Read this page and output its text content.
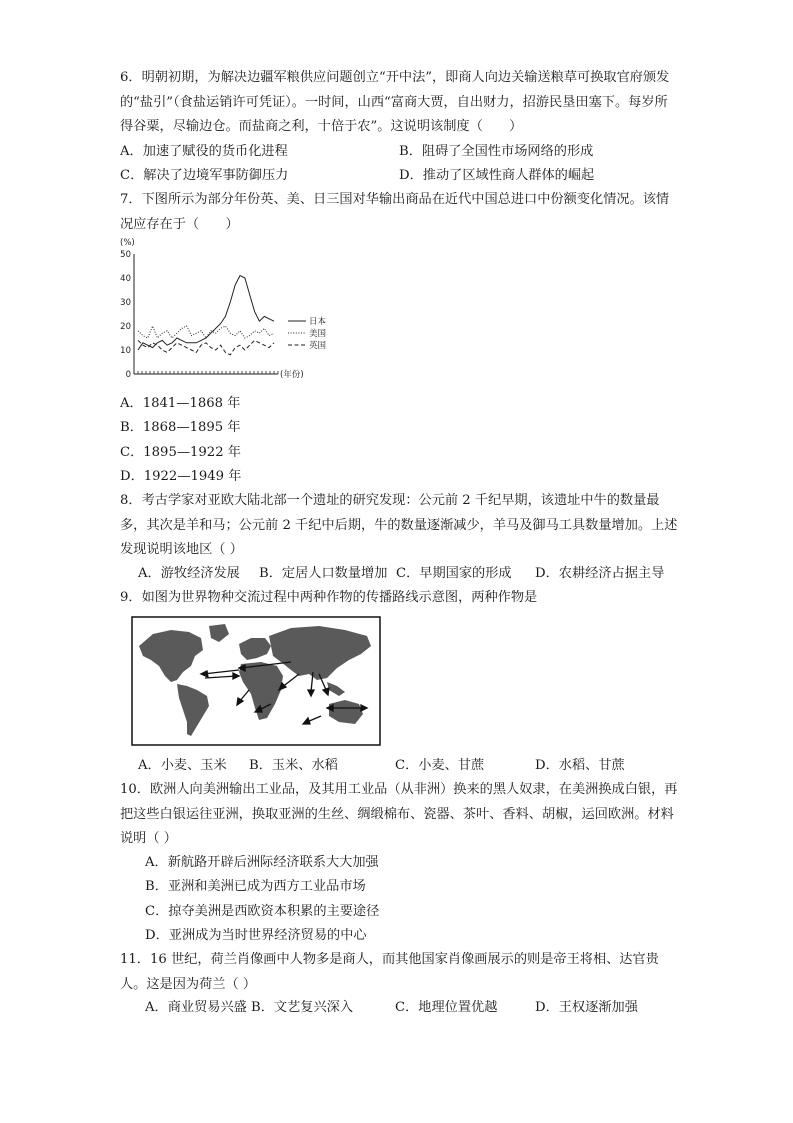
6．明朝初期，为解决边疆军粮供应问题创立“开中法”，即商人向边关输送粮草可换取官府颁发的“盐引”（食盐运销许可凭证）。一时间，山西“富商大贾，自出财力，招游民垦田塞下。每岁所得谷粟，尽输边仓。而盐商之利，十倍于农”。这说明该制度（　　）
A．加速了赋役的货币化进程	B．阻碍了全国性市场网络的形成
C．解决了边境军事防御压力	D．推动了区域性商人群体的崛起
7．下图所示为部分年份英、美、日三国对华输出商品在近代中国总进口中份额变化情况。该情况应存在于（　　）
(%)
0
10
20
30
40
50
(年份)
日本
美国
英国
A．1841—1868 年
B．1868—1895 年
C．1895—1922 年
D．1922—1949 年
8．考古学家对亚欧大陆北部一个遗址的研究发现：公元前 2 千纪早期，该遗址中牛的数量最多，其次是羊和马；公元前 2 千纪中后期，牛的数量逐渐减少，羊马及御马工具数量增加。上述发现说明该地区（ ）
A．游牧经济发展 B．定居人口数量增加 C．早期国家的形成 D．农耕经济占据主导
9．如图为世界物种交流过程中两种作物的传播路线示意图，两种作物是
A．小麦、玉米 B．玉米、水稻	C．小麦、甘蔗	D．水稻、甘蔗
10．欧洲人向美洲输出工业品，及其用工业品（从非洲）换来的黑人奴隶，在美洲换成白银，再把这些白银运往亚洲，换取亚洲的生丝、绸缎棉布、瓷器、茶叶、香料、胡椒，运回欧洲。材料说明（ ）
A．新航路开辟后洲际经济联系大大加强
B．亚洲和美洲已成为西方工业品市场
C．掠夺美洲是西欧资本积累的主要途径
D．亚洲成为当时世界经济贸易的中心
11．16 世纪，荷兰肖像画中人物多是商人，而其他国家肖像画展示的则是帝王将相、达官贵人。这是因为荷兰（ ）
A．商业贸易兴盛 B．文艺复兴深入	C．地理位置优越	D．王权逐渐加强
